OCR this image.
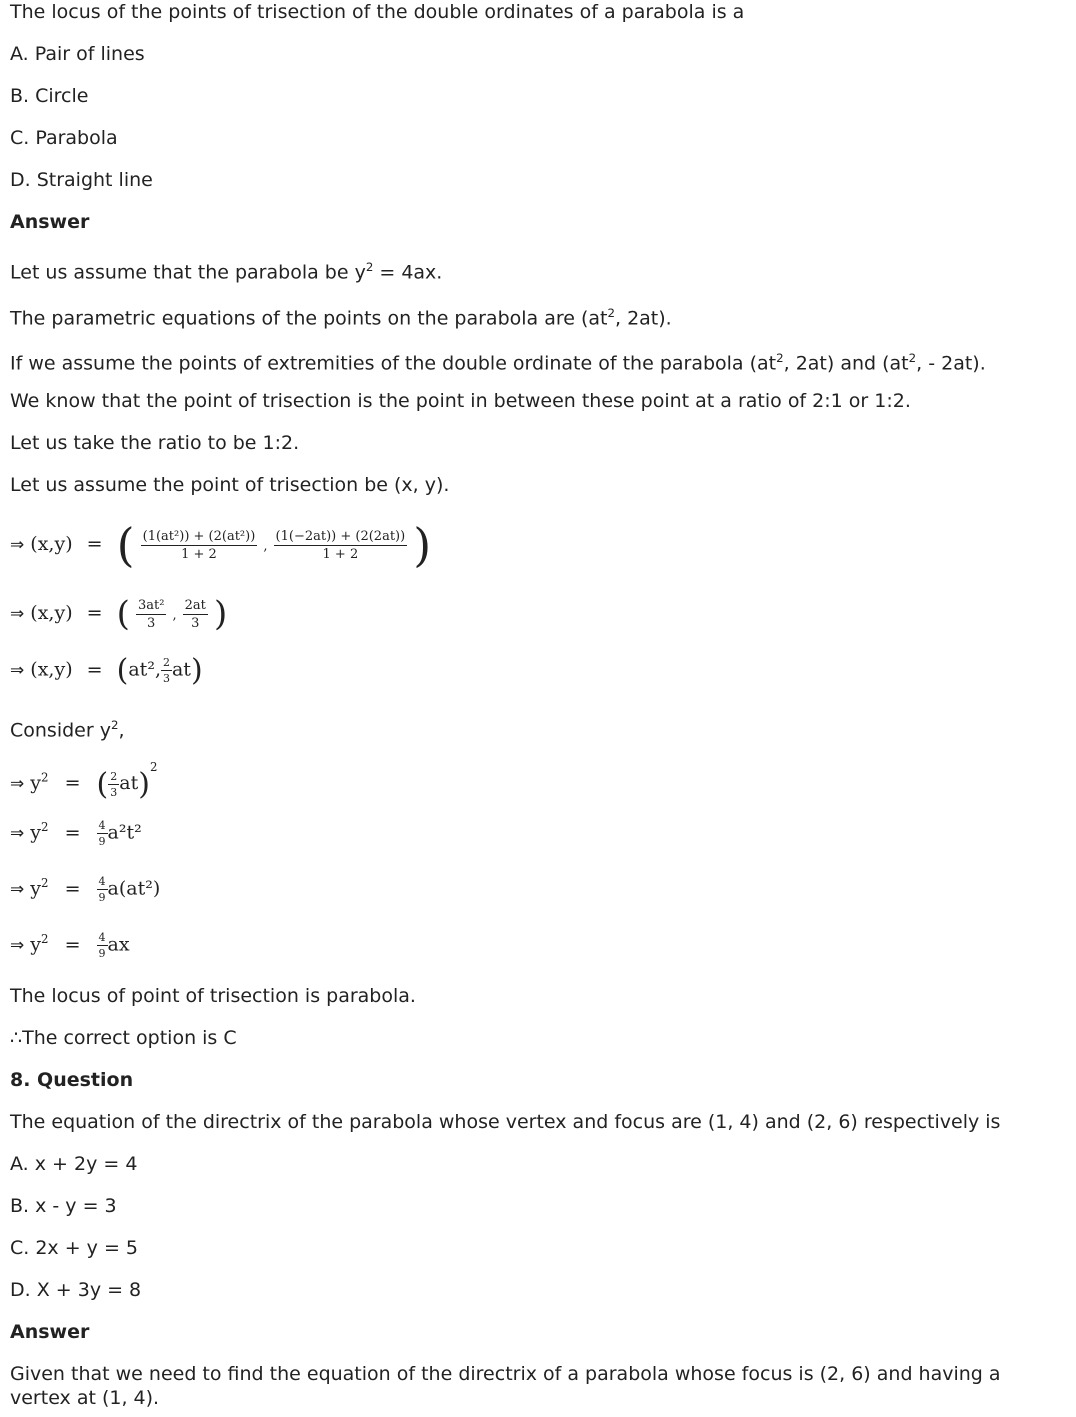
The locus of the points of trisection of the double ordinates of a parabola is a
A. Pair of lines
B. Circle
C. Parabola
D. Straight line
Answer
Let us assume that the parabola be $y^2 = 4ax$.
The parametric equations of the points on the parabola are ($at^2$, 2at).
If we assume the points of extremities of the double ordinate of the parabola ($at^2$, 2at) and ($at^2$, - 2at).
We know that the point of trisection is the point in between these point at a ratio of 2:1 or 1:2.
Let us take the ratio to be 1:2.
Let us assume the point of trisection be (x, y).
⇒ (x,y) = ( $\frac{\text{(1(at²)) + (2(at²))}}{1 + 2}$ , $\frac{(1(-2at)) + (2(2at))}{1 + 2}$ )
⇒ (x,y) = ( $\frac{\text{3at²}}{3}$ , $\frac{2at}{3}$ )
⇒ (x,y) = (at², $\frac{2}{3} at$)
Consider $y^2$,
⇒ $y^2$ = ( $\frac{2}{3} at)^2$
⇒ $y^2 = \frac{4}{9} a^2t^2$
⇒ $y^2 = \frac{4}{9} a(at^2)$
⇒ $y^2 = \frac{4}{9}$ ax
The locus of point of trisection is parabola.
∴The correct option is C
8. Question
The equation of the directrix of the parabola whose vertex and focus are (1, 4) and (2, 6) respectively is
A. x + 2y = 4
B. x - y = 3
C. 2x + y = 5
D. X + 3y = 8
Answer
Given that we need to find the equation of the directrix of a parabola whose focus is (2, 6) and having a vertex at (1, 4).
